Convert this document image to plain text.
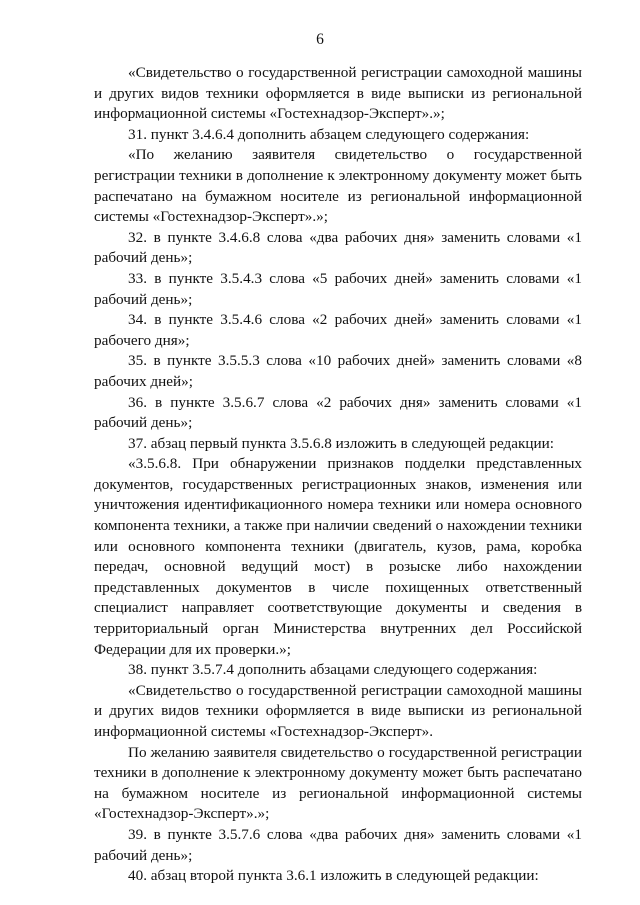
6

«Свидетельство о государственной регистрации самоходной машины и других видов техники оформляется в виде выписки из региональной информационной системы «Гостехнадзор-Эксперт».»;

31. пункт 3.4.6.4 дополнить абзацем следующего содержания:

«По желанию заявителя свидетельство о государственной регистрации техники в дополнение к электронному документу может быть распечатано на бумажном носителе из региональной информационной системы «Гостехнадзор-Эксперт».»;

32. в пункте 3.4.6.8 слова «два рабочих дня» заменить словами «1 рабочий день»;

33. в пункте 3.5.4.3 слова «5 рабочих дней» заменить словами «1 рабочий день»;

34. в пункте 3.5.4.6 слова «2 рабочих дней» заменить словами «1 рабочего дня»;

35. в пункте 3.5.5.3 слова «10 рабочих дней» заменить словами «8 рабочих дней»;

36. в пункте 3.5.6.7 слова «2 рабочих дня» заменить словами «1 рабочий день»;

37. абзац первый пункта 3.5.6.8 изложить в следующей редакции:

«3.5.6.8. При обнаружении признаков подделки представленных документов, государственных регистрационных знаков, изменения или уничтожения идентификационного номера техники или номера основного компонента техники, а также при наличии сведений о нахождении техники или основного компонента техники (двигатель, кузов, рама, коробка передач, основной ведущий мост) в розыске либо нахождении представленных документов в числе похищенных ответственный специалист направляет соответствующие документы и сведения в территориальный орган Министерства внутренних дел Российской Федерации для их проверки.»;

38. пункт 3.5.7.4 дополнить абзацами следующего содержания:

«Свидетельство о государственной регистрации самоходной машины и других видов техники оформляется в виде выписки из региональной информационной системы «Гостехнадзор-Эксперт».

По желанию заявителя свидетельство о государственной регистрации техники в дополнение к электронному документу может быть распечатано на бумажном носителе из региональной информационной системы «Гостехнадзор-Эксперт».»;

39. в пункте 3.5.7.6 слова «два рабочих дня» заменить словами «1 рабочий день»;

40. абзац второй пункта 3.6.1 изложить в следующей редакции:
